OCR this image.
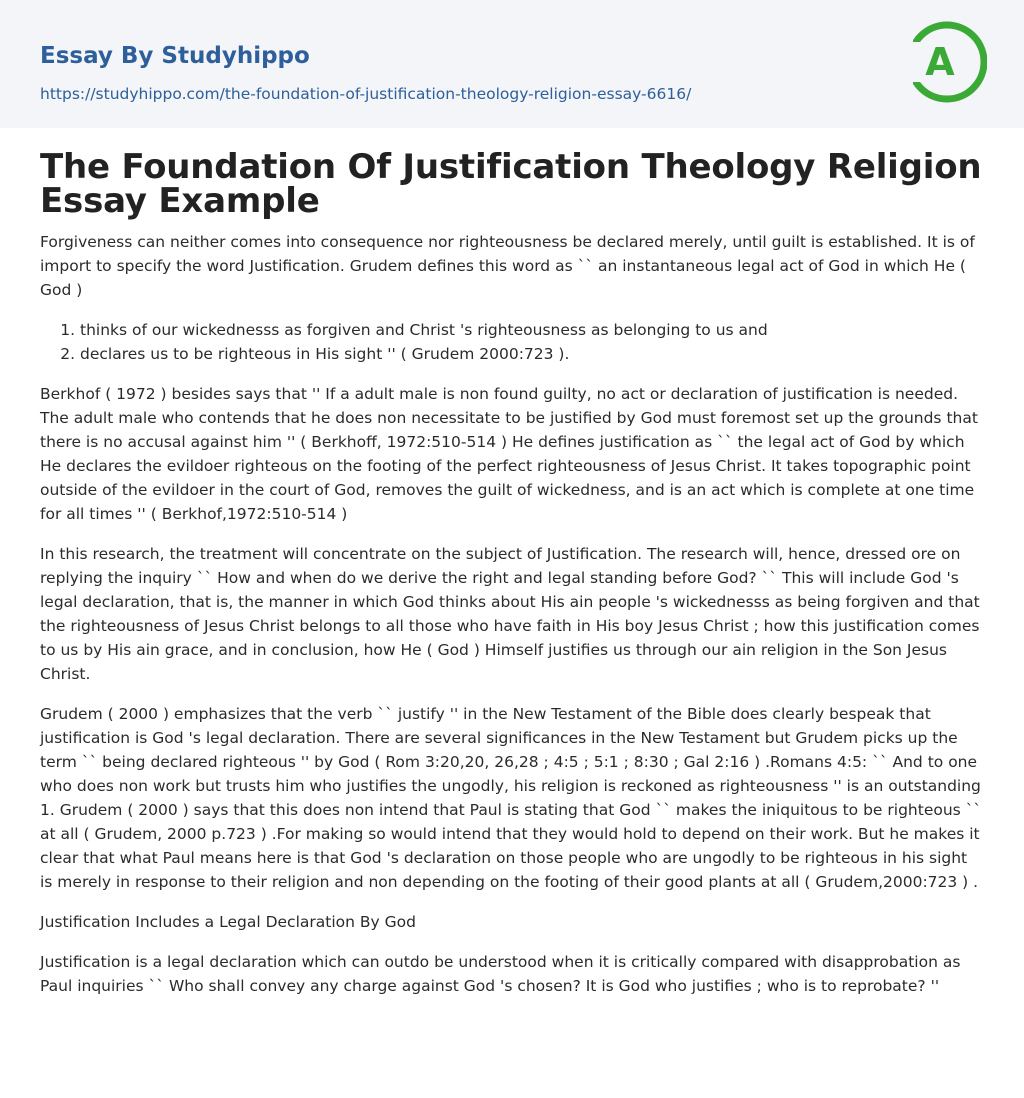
Essay By Studyhippo
https://studyhippo.com/the-foundation-of-justification-theology-religion-essay-6616/
A
The Foundation Of Justification Theology Religion Essay Example

Forgiveness can neither comes into consequence nor righteousness be declared merely, until guilt is established. It is of import to specify the word Justification. Grudem defines this word as `` an instantaneous legal act of God in which He ( God )

1. thinks of our wickednesss as forgiven and Christ 's righteousness as belonging to us and
2. declares us to be righteous in His sight '' ( Grudem 2000:723 ).

Berkhof ( 1972 ) besides says that '' If a adult male is non found guilty, no act or declaration of justification is needed. The adult male who contends that he does non necessitate to be justified by God must foremost set up the grounds that there is no accusal against him '' ( Berkhoff, 1972:510-514 ) He defines justification as `` the legal act of God by which He declares the evildoer righteous on the footing of the perfect righteousness of Jesus Christ. It takes topographic point outside of the evildoer in the court of God, removes the guilt of wickedness, and is an act which is complete at one time for all times '' ( Berkhof,1972:510-514 )

In this research, the treatment will concentrate on the subject of Justification. The research will, hence, dressed ore on replying the inquiry `` How and when do we derive the right and legal standing before God? `` This will include God 's legal declaration, that is, the manner in which God thinks about His ain people 's wickednesss as being forgiven and that the righteousness of Jesus Christ belongs to all those who have faith in His boy Jesus Christ ; how this justification comes to us by His ain grace, and in conclusion, how He ( God ) Himself justifies us through our ain religion in the Son Jesus Christ.

Grudem ( 2000 ) emphasizes that the verb `` justify '' in the New Testament of the Bible does clearly bespeak that justification is God 's legal declaration. There are several significances in the New Testament but Grudem picks up the term `` being declared righteous '' by God ( Rom 3:20,20, 26,28 ; 4:5 ; 5:1 ; 8:30 ; Gal 2:16 ) .Romans 4:5: `` And to one who does non work but trusts him who justifies the ungodly, his religion is reckoned as righteousness '' is an outstanding 1. Grudem ( 2000 ) says that this does non intend that Paul is stating that God `` makes the iniquitous to be righteous `` at all ( Grudem, 2000 p.723 ) .For making so would intend that they would hold to depend on their work. But he makes it clear that what Paul means here is that God 's declaration on those people who are ungodly to be righteous in his sight is merely in response to their religion and non depending on the footing of their good plants at all ( Grudem,2000:723 ) .

Justification Includes a Legal Declaration By God

Justification is a legal declaration which can outdo be understood when it is critically compared with disapprobation as Paul inquiries `` Who shall convey any charge against God 's chosen? It is God who justifies ; who is to reprobate? ''
